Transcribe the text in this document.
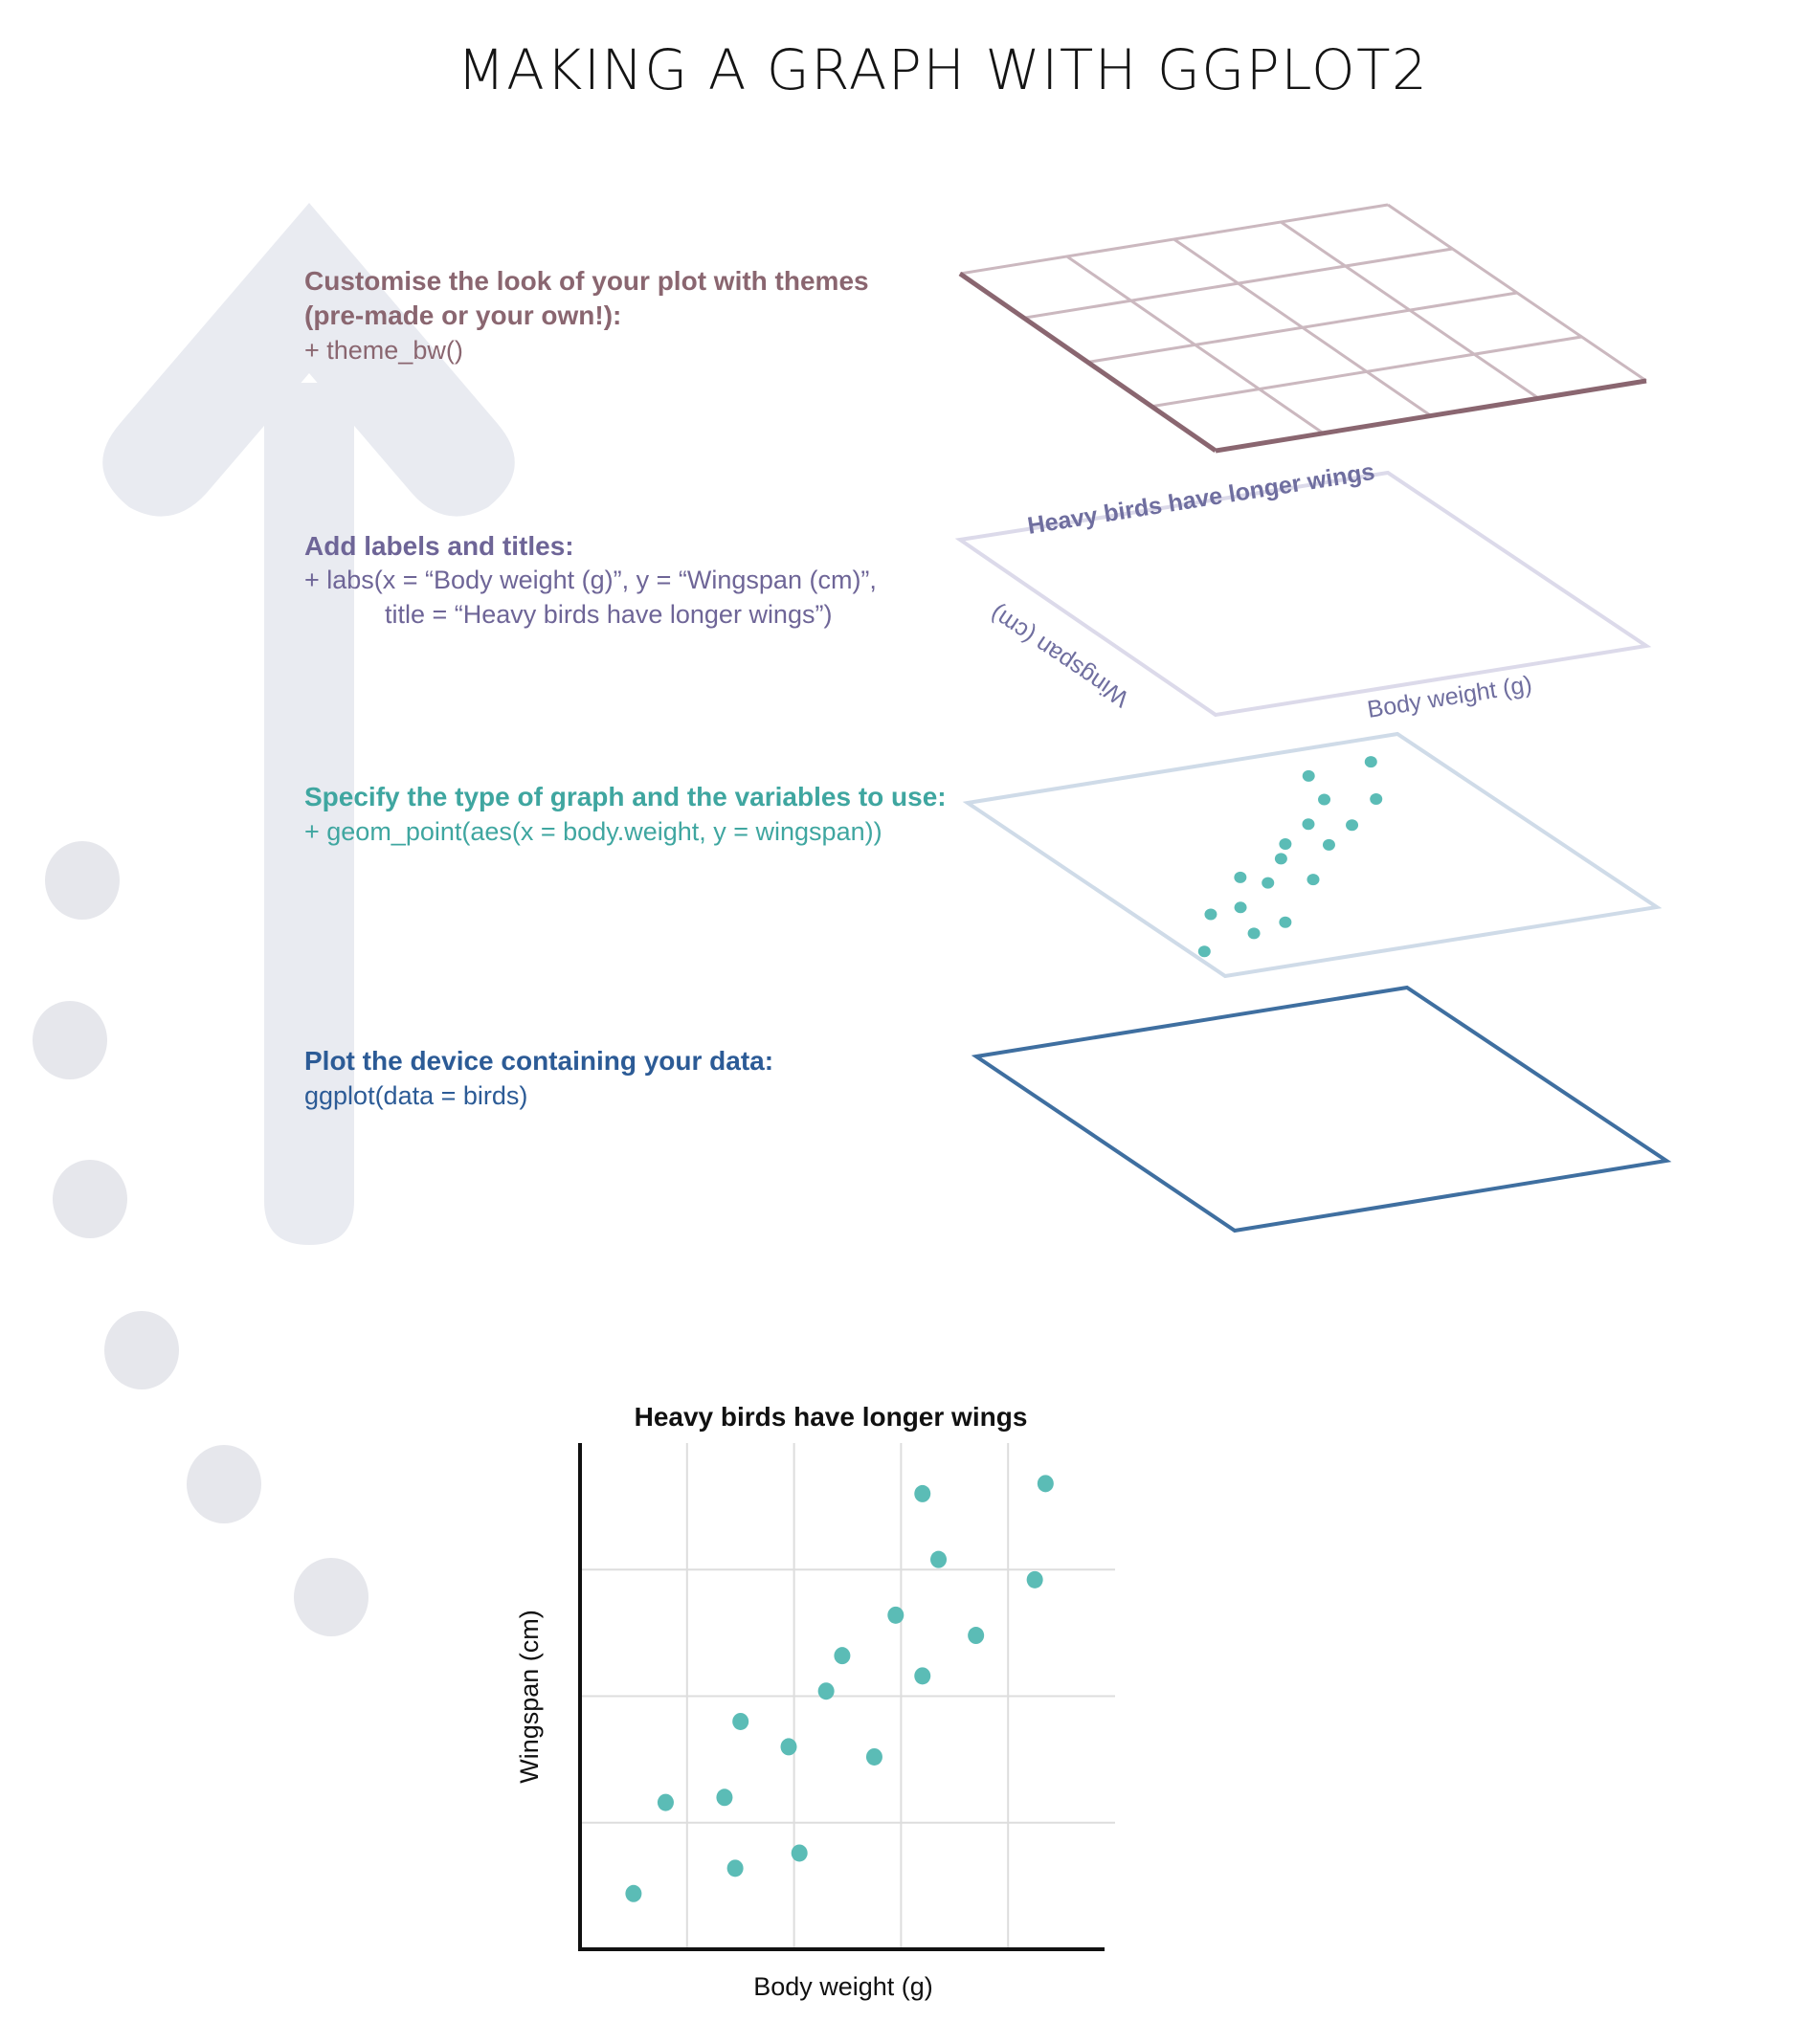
MAKING A GRAPH WITH GGPLOT2
Customise the look of your plot with themes
(pre-made or your own!):
+ theme_bw()
Add labels and titles:
+ labs(x = “Body weight (g)”, y = “Wingspan (cm)”,
title = “Heavy birds have longer wings”)
Specify the type of graph and the variables to use:
+ geom_point(aes(x = body.weight, y = wingspan))
Plot the device containing your data:
ggplot(data = birds)
Heavy birds have longer wings
Wingspan (cm)	Body weight (g)
Heavy birds have longer wings
Body weight (g)
Wingspan (cm)
